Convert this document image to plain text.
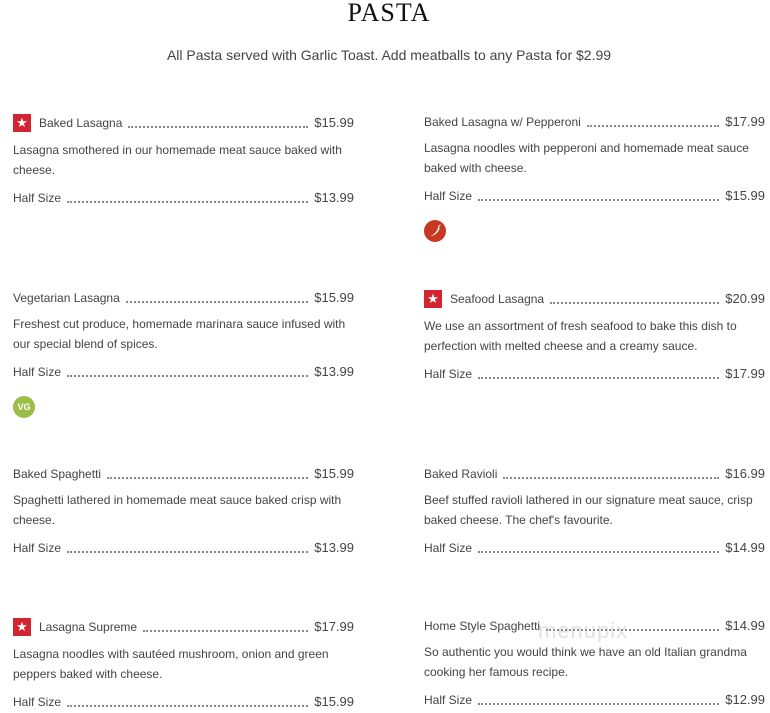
PASTA
All Pasta served with Garlic Toast. Add meatballs to any Pasta for $2.99
★ Baked Lasagna	$15.99
Lasagna smothered in our homemade meat sauce baked with cheese.
Half Size	$13.99
Baked Lasagna w/ Pepperoni	$17.99
Lasagna noodles with pepperoni and homemade meat sauce baked with cheese.
Half Size	$15.99
Vegetarian Lasagna	$15.99
Freshest cut produce, homemade marinara sauce infused with our special blend of spices.
Half Size	$13.99
VG
★ Seafood Lasagna	$20.99
We use an assortment of fresh seafood to bake this dish to perfection with melted cheese and a creamy sauce.
Half Size	$17.99
Baked Spaghetti	$15.99
Spaghetti lathered in homemade meat sauce baked crisp with cheese.
Half Size	$13.99
Baked Ravioli	$16.99
Beef stuffed ravioli lathered in our signature meat sauce, crisp baked cheese. The chef's favourite.
Half Size	$14.99
★ Lasagna Supreme	$17.99
Lasagna noodles with sautéed mushroom, onion and green peppers baked with cheese.
Half Size	$15.99
Home Style Spaghetti	$14.99
So authentic you would think we have an old Italian grandma cooking her famous recipe.
Half Size	$12.99
menupix
